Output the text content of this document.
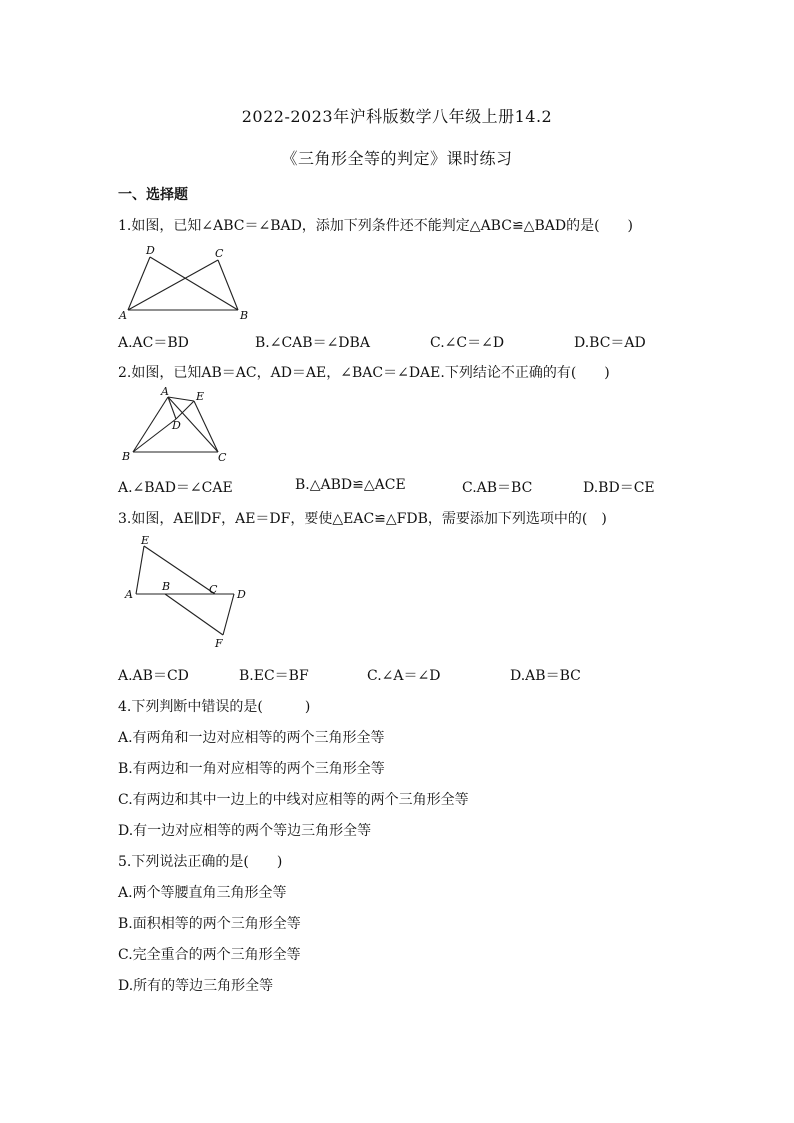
2022-2023年沪科版数学八年级上册14.2
《三角形全等的判定》课时练习
一、选择题
1.如图，已知∠ABC＝∠BAD，添加下列条件还不能判定△ABC≌△BAD的是(　　)
D	C
A	B
A.AC＝BD	B.∠CAB＝∠DBA	C.∠C＝∠D	D.BC＝AD
2.如图，已知AB＝AC，AD＝AE，∠BAC＝∠DAE.下列结论不正确的有(　　)
A E
D
B	C
A.∠BAD＝∠CAE	B.△ABD≌△ACE	C.AB＝BC	D.BD＝CE
3.如图，AE∥DF，AE＝DF，要使△EAC≌△FDB，需要添加下列选项中的(　)
E
A
B	C D
F
A.AB＝CD	B.EC＝BF	C.∠A＝∠D	D.AB＝BC
4.下列判断中错误的是(　　　)
A.有两角和一边对应相等的两个三角形全等
B.有两边和一角对应相等的两个三角形全等
C.有两边和其中一边上的中线对应相等的两个三角形全等
D.有一边对应相等的两个等边三角形全等
5.下列说法正确的是(　　)
A.两个等腰直角三角形全等
B.面积相等的两个三角形全等
C.完全重合的两个三角形全等
D.所有的等边三角形全等
